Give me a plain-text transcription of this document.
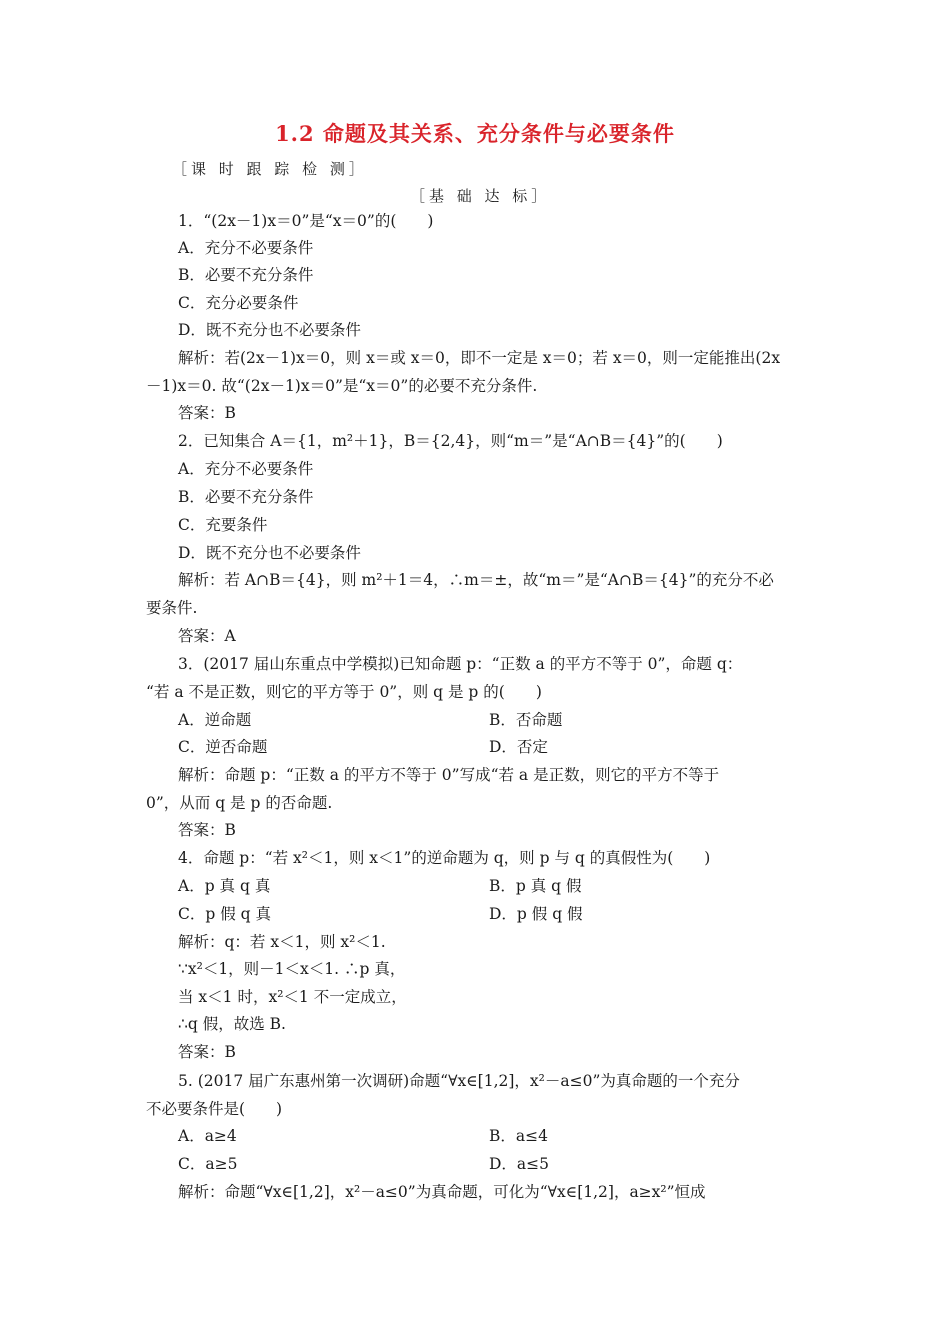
1.2 命题及其关系、充分条件与必要条件
［课 时 跟 踪 检 测］
［基 础 达 标］
1．“(2x－1)x＝0”是“x＝0”的(　　)
A．充分不必要条件
B．必要不充分条件
C．充分必要条件
D．既不充分也不必要条件
解析：若(2x－1)x＝0，则 x＝或 x＝0，即不一定是 x＝0；若 x＝0，则一定能推出(2x
－1)x＝0. 故“(2x－1)x＝0”是“x＝0”的必要不充分条件.
答案：B
2．已知集合 A＝{1，m²＋1}，B＝{2,4}，则“m＝”是“A∩B＝{4}”的(　　)
A．充分不必要条件
B．必要不充分条件
C．充要条件
D．既不充分也不必要条件
解析：若 A∩B＝{4}，则 m²＋1＝4，∴m＝±，故“m＝”是“A∩B＝{4}”的充分不必
要条件.
答案：A
3．(2017 届山东重点中学模拟)已知命题 p：“正数 a 的平方不等于 0”，命题 q：
“若 a 不是正数，则它的平方等于 0”，则 q 是 p 的(　　)
A．逆命题	B．否命题
C．逆否命题	D．否定
解析：命题 p：“正数 a 的平方不等于 0”写成“若 a 是正数，则它的平方不等于
0”，从而 q 是 p 的否命题.
答案：B
4．命题 p：“若 x²＜1，则 x＜1”的逆命题为 q，则 p 与 q 的真假性为(　　)
A．p 真 q 真	B．p 真 q 假
C．p 假 q 真	D．p 假 q 假
解析：q：若 x＜1，则 x²＜1.
∵x²＜1，则－1＜x＜1. ∴p 真，
当 x＜1 时，x²＜1 不一定成立，
∴q 假，故选 B.
答案：B
5. (2017 届广东惠州第一次调研)命题“∀x∈[1,2]，x²－a≤0”为真命题的一个充分
不必要条件是(　　)
A．a≥4	B．a≤4
C．a≥5	D．a≤5
解析：命题“∀x∈[1,2]，x²－a≤0”为真命题，可化为“∀x∈[1,2]，a≥x²”恒成
